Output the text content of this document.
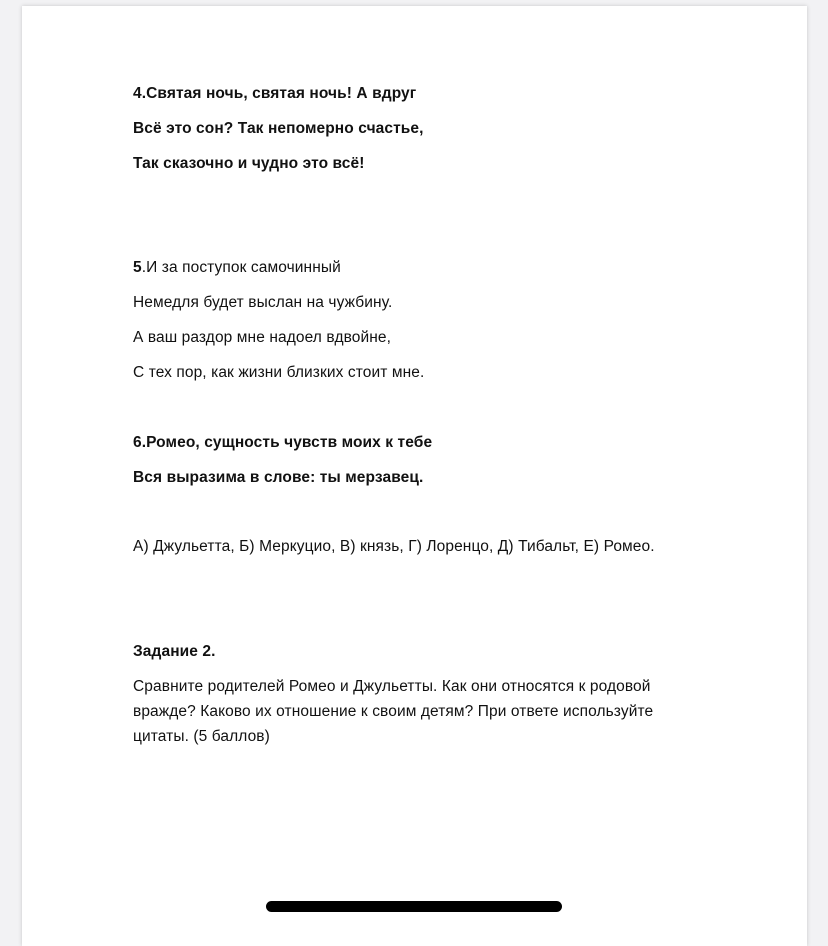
4.Святая ночь, святая ночь! А вдруг
Всё это сон? Так непомерно счастье,
Так сказочно и чудно это всё!
5.И за поступок самочинный
Немедля будет выслан на чужбину.
А ваш раздор мне надоел вдвойне,
С тех пор, как жизни близких стоит мне.
6.Ромео, сущность чувств моих к тебе
Вся выразима в слове: ты мерзавец.
А) Джульетта, Б) Меркуцио, В) князь, Г) Лоренцо, Д) Тибальт, Е) Ромео.
Задание 2.
Сравните родителей Ромео и Джульетты. Как они относятся к родовой вражде? Каково их отношение к своим детям? При ответе используйте цитаты. (5 баллов)
